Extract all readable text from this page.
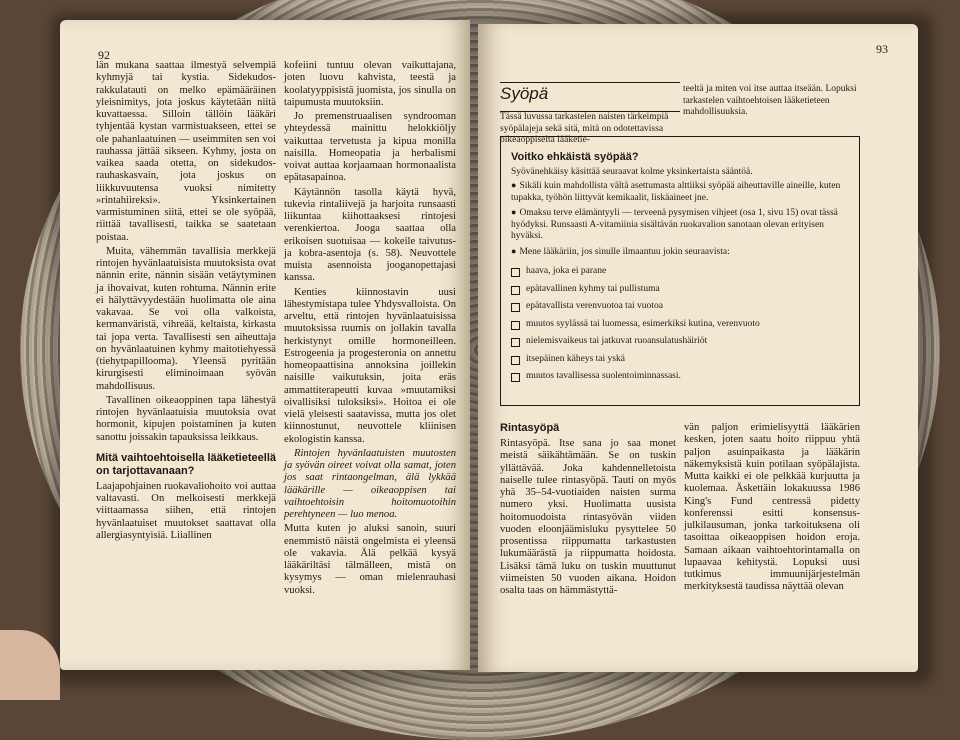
92

län mukana saattaa ilmestyä selvempiä kyhmyjä tai kystia. Sidekudos-rakkulatauti on melko epämääräinen yleisnimitys, jota joskus käytetään niitä kuvattaessa. Silloin tällöin lääkäri tyhjentää kystan varmistuakseen, ettei se ole pahanlaatuinen — useimmiten sen voi rauhassa jättää sikseen. Kyhmy, josta on vaikea saada otetta, on sidekudos-rauhaskasvain, jota joskus on liikkuvuutensa vuoksi nimitetty »rintahiireksi». Yksinkertainen varmistuminen siitä, ettei se ole syöpää, riittää tavallisesti, taikka se saatetaan poistaa.

Muita, vähemmän tavallisia merkkejä rintojen hyvänlaatuisista muutoksista ovat nännin erite, nännin sisään vetäytyminen ja ihovaivat, kuten rohtuma. Nännin erite ei hälyttävyydestään huolimatta ole aina vakavaa. Se voi olla valkoista, kermanväristä, vihreää, keltaista, kirkasta tai jopa verta. Tavallisesti sen aiheuttaja on hyvänlaatuinen kyhmy maitotiehyessä (tiehytpapillooma). Yleensä pyritään kirurgisesti eliminoimaan syövän mahdollisuus.

Tavallinen oikeaoppinen tapa lähestyä rintojen hyvänlaatuisia muutoksia ovat hormonit, kipujen poistaminen ja kuten sanottu joissakin tapauksissa leikkaus.

Mitä vaihtoehtoisella lääketieteellä on tarjottavanaan?

Laajapohjainen ruokavaliohoito voi auttaa valtavasti. On melkoisesti merkkejä viittaamassa siihen, että rintojen hyvänlaatuiset muutokset saattavat olla allergiasyntyisiä. Liiallinen

kofeiini tuntuu olevan vaikuttajana, joten luovu kahvista, teestä ja koolatyyppisistä juomista, jos sinulla on taipumusta muutoksiin.

Jo premenstruaalisen syndrooman yhteydessä mainittu helokkiöljy vaikuttaa tervetusta ja kipua monilla naisilla. Homeopatia ja herbalismi voivat auttaa korjaamaan hormonaalista epätasapainoa.

Käytännön tasolla käytä hyvä, tukevia rintaliivejä ja harjoita runsaasti liikuntaa kiihottaaksesi rintojesi verenkiertoa. Jooga saattaa olla erikoisen suotuisaa — kokeile taivutus- ja kobra-asentoja (s. 58). Neuvottele muista asennoista jooganopettajasi kanssa.

Kenties kiinnostavin uusi lähestymistapa tulee Yhdysvalloista. On arveltu, että rintojen hyvänlaatuisissa muutoksissa ruumis on jollakin tavalla herkistynyt omille hormoneilleen. Estrogeenia ja progesteronia on annettu homeopaattisina annoksina joillekin naisille vaikutuksin, joita eräs ammattiterapeutti kuvaa »muutamiksi oivallisiksi tuloksiksi». Hoitoa ei ole vielä yleisesti saatavissa, mutta jos olet kiinnostunut, neuvottele kliinisen ekologistin kanssa.

Rintojen hyvänlaatuisten muutosten ja syövän oireet voivat olla samat, joten jos saat rintaongelman, älä lykkää lääkärille — oikeaoppisen tai vaihtoehtoisin hoitomuotoihin perehtyneen — luo menoa.

Mutta kuten jo aluksi sanoin, suuri enemmistö näistä ongelmista ei yleensä ole vakavia. Älä pelkää kysyä lääkäriltäsi tälmälleen, mistä on kysymys — oman mielenrauhasi vuoksi.

93
Syöpä
Tässä luvussa tarkastelen naisten tärkeimpiä syöpälajeja sekä sitä, mitä on odotettavissa oikeaoppiselta lääketie-
teeltä ja miten voi itse auttaa itseään. Lopuksi tarkastelen vaihtoehtoisen lääketieteen mahdollisuuksia.
Voitko ehkäistä syöpää?
Syövänehkäisy käsittää seuraavat kolme yksinkertaista sääntöä.
● Sikäli kuin mahdollista vältä asettumasta alttiiksi syöpää aiheuttaville aineille, kuten tupakka, työhön liittyvät kemikaalit, liskäaineet jne.
● Omaksu terve elämäntyyli — terveenä pysymisen vihjeet (osa 1, sivu 15) ovat tässä hyödyksi. Runsaasti A-vitamiinia sisältävän ruokavalion sanotaan olevan erityisen hyväksi.
● Mene lääkäriin, jos sinulle ilmaantuu jokin seuraavista:
haava, joka ei parane
epätavallinen kyhmy tai pullistuma
epätavallista verenvuotoa tai vuotoa
muutos syylässä tai luomessa, esimerkiksi kutina, verenvuoto
nielemisvaikeus tai jatkuvat ruoansulatushäiriöt
itsepäinen käheys tai yskä
muutos tavallisessa suolentoiminnassasi.
Rintasyöpä

Rintasyöpä. Itse sana jo saa monet meistä säikähtämään. Se on tuskin yllättävää. Joka kahdennelletoista naiselle tulee rintasyöpä. Tauti on myös yhä 35–54-vuotiaiden naisten surma numero yksi. Huolimatta uusista hoitomuodoista rintasyövän viiden vuoden eloonjäämisluku pysyttelee 50 prosentissa riippumatta tarkastusten lukumäärästä ja riippumatta hoidosta. Lisäksi tämä luku on tuskin muuttunut viimeisten 50 vuoden aikana. Hoidon osalta taas on hämmästyttä-

vän paljon erimielisyyttä lääkärien kesken, joten saatu hoito riippuu yhtä paljon asuinpaikasta ja lääkärin näkemyksistä kuin potilaan syöpälajista. Mutta kaikki ei ole pelkkää kurjuutta ja kuolemaa. Äskettäin lokakuussa 1986 King's Fund centressä pidetty konferenssi esitti konsensus-julkilausuman, jonka tarkoituksena oli tasoittaa oikeaoppisen hoidon eroja. Samaan aikaan vaihtoehtorintamalla on lupaavaa kehitystä. Lopuksi uusi tutkimus immuunijärjestelmän merkityksestä taudissa näyttää olevan
